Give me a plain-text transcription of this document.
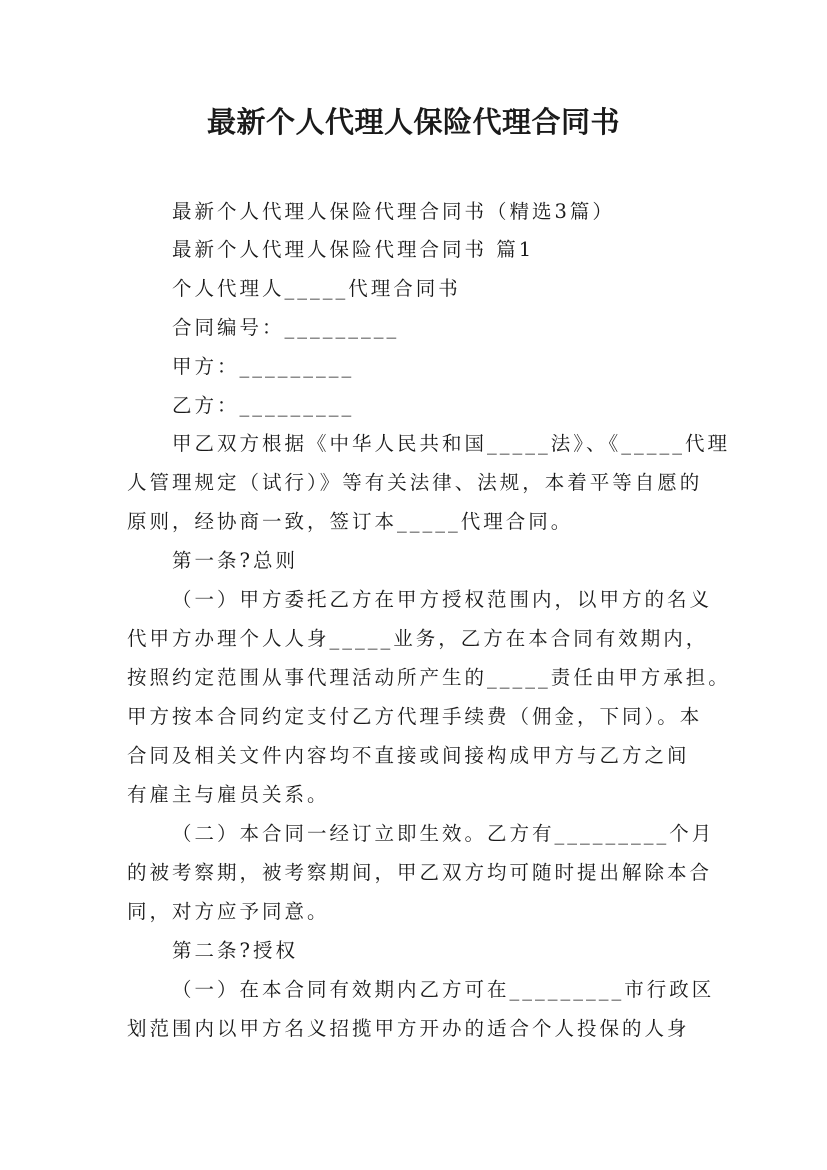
最新个人代理人保险代理合同书
最新个人代理人保险代理合同书（精选3篇）
最新个人代理人保险代理合同书 篇1
个人代理人_____代理合同书
合同编号：_________
甲方：_________
乙方：_________
甲乙双方根据《中华人民共和国_____法》、《_____代理
人管理规定（试行）》等有关法律、法规，本着平等自愿的
原则，经协商一致，签订本_____代理合同。
第一条?总则
（一）甲方委托乙方在甲方授权范围内，以甲方的名义
代甲方办理个人人身_____业务，乙方在本合同有效期内，
按照约定范围从事代理活动所产生的_____责任由甲方承担。
甲方按本合同约定支付乙方代理手续费（佣金，下同）。本
合同及相关文件内容均不直接或间接构成甲方与乙方之间
有雇主与雇员关系。
（二）本合同一经订立即生效。乙方有_________个月
的被考察期，被考察期间，甲乙双方均可随时提出解除本合
同，对方应予同意。
第二条?授权
（一）在本合同有效期内乙方可在_________市行政区
划范围内以甲方名义招揽甲方开办的适合个人投保的人身
